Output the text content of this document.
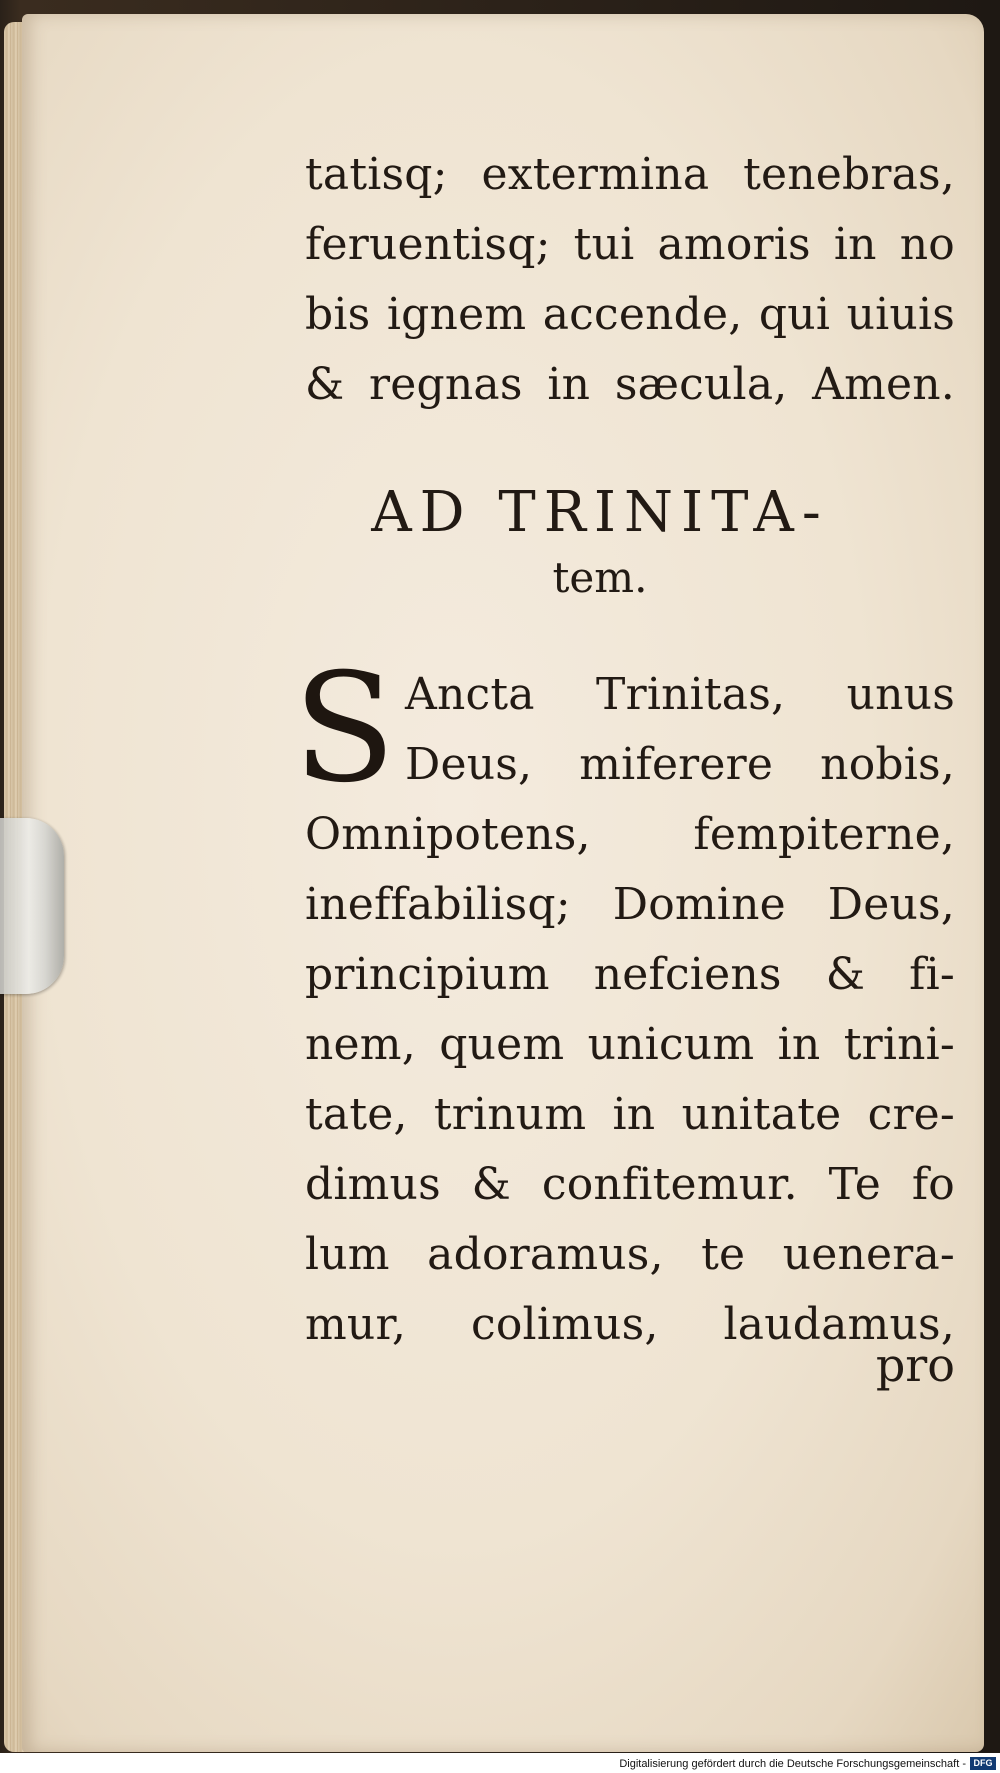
tatisq; extermina tenebras,
feruentisq; tui amoris in no
bis ignem accende, qui uiuis
& regnas in sæcula, Amen.
AD TRINITA-
tem.
S Ancta Trinitas, unus
Deus, miferere nobis,
Omnipotens, fempiterne,
ineffabilisq; Domine Deus,
principium nefciens & fi-
nem, quem unicum in trini-
tate, trinum in unitate cre-
dimus & confitemur. Te fo
lum adoramus, te uenera-
mur, colimus, laudamus,
pro
Digitalisierung gefördert durch die Deutsche Forschungsgemeinschaft - DFG
